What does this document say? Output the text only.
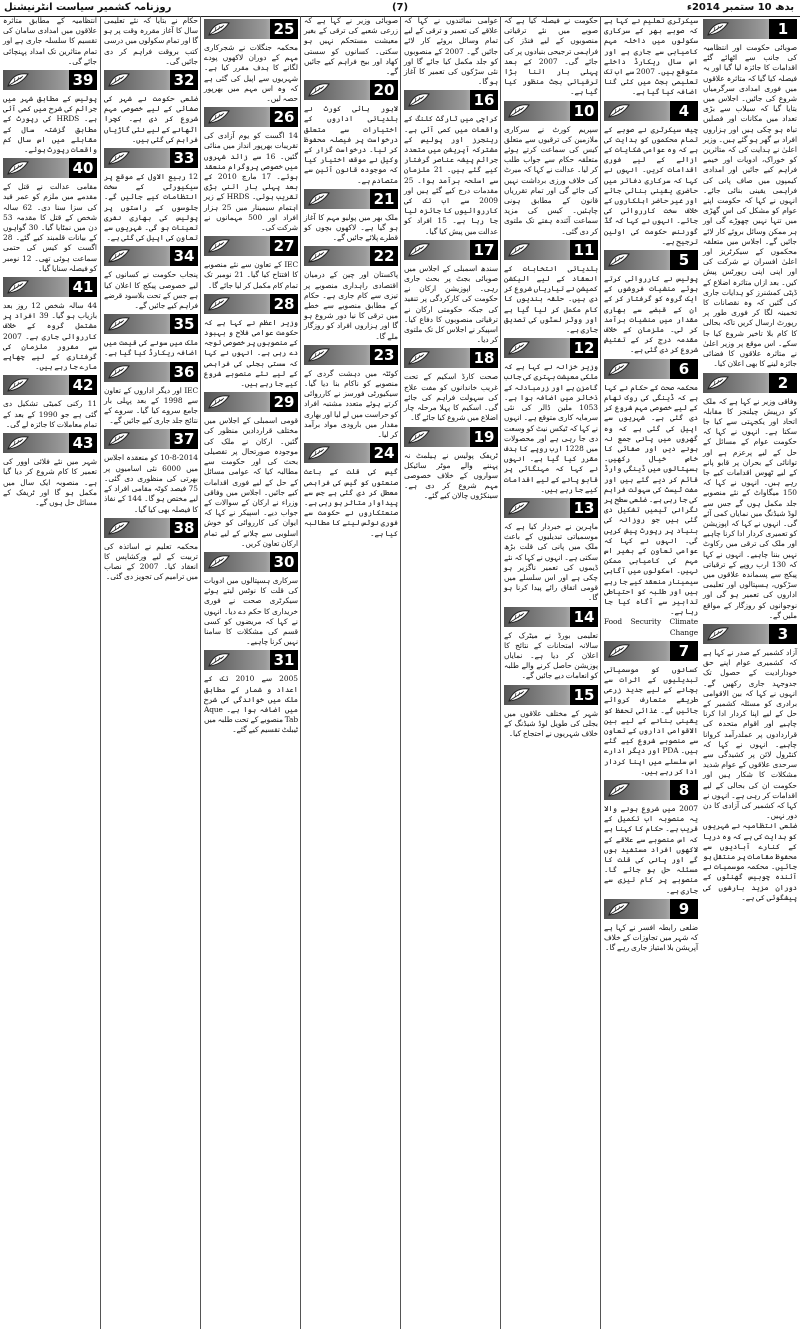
روزنامہ کشمیر سیاست انٹرنیشنل	(7)	بدھ 10 ستمبر 2014ء
1
صوبائی حکومت اور انتظامیہ کی جانب سے اٹھائے گئے اقدامات کا جائزہ لیا گیا اور یہ فیصلہ کیا گیا کہ متاثرہ علاقوں میں فوری امدادی سرگرمیاں شروع کی جائیں۔ اجلاس میں بتایا گیا کہ سیلاب سے بڑی تعداد میں مکانات اور فصلیں تباہ ہو چکی ہیں اور ہزاروں افراد بے گھر ہو گئے ہیں۔ وزیر اعلیٰ نے ہدایت کی کہ متاثرین کو خوراک، ادویات اور خیمے فراہم کیے جائیں اور امدادی کیمپوں میں صاف پانی کی فراہمی یقینی بنائی جائے۔ انہوں نے کہا کہ حکومت اپنے عوام کو مشکل کی اس گھڑی میں تنہا نہیں چھوڑے گی اور ہر ممکن وسائل بروئے کار لائے جائیں گے۔ اجلاس میں متعلقہ محکموں کے سیکرٹریز اور اعلیٰ افسران نے شرکت کی اور اپنی اپنی رپورٹس پیش کیں۔ بعد ازاں متاثرہ اضلاع کے ڈپٹی کمشنرز کو ہدایات جاری کی گئیں کہ وہ نقصانات کا تخمینہ لگا کر فوری طور پر رپورٹ ارسال کریں تاکہ بحالی کا کام بلا تاخیر شروع کیا جا سکے۔ اس موقع پر وزیر اعلیٰ نے متاثرہ علاقوں کا فضائی جائزہ لینے کا بھی اعلان کیا۔
2
وفاقی وزیر نے کہا ہے کہ ملک کو درپیش چیلنجز کا مقابلہ اتحاد اور یکجہتی سے کیا جا سکتا ہے۔ انہوں نے کہا کہ حکومت عوام کے مسائل کے حل کے لیے پرعزم ہے اور توانائی کے بحران پر قابو پانے کے لیے ٹھوس اقدامات کیے جا رہے ہیں۔ انہوں نے کہا کہ 150 میگاواٹ کے نئے منصوبے جلد مکمل ہوں گے جس سے لوڈ شیڈنگ میں نمایاں کمی آئے گی۔ انہوں نے کہا کہ اپوزیشن کو تعمیری کردار ادا کرنا چاہیے اور ملک کی ترقی میں رکاوٹ نہیں بننا چاہیے۔ انہوں نے کہا کہ 130 ارب روپے کے ترقیاتی پیکج سے پسماندہ علاقوں میں سڑکوں، ہسپتالوں اور تعلیمی اداروں کی تعمیر ہو گی اور نوجوانوں کو روزگار کے مواقع ملیں گے۔
3
آزاد کشمیر کے صدر نے کہا ہے کہ کشمیری عوام اپنے حق خودارادیت کے حصول تک جدوجہد جاری رکھیں گے۔ انہوں نے کہا کہ بین الاقوامی برادری کو مسئلہ کشمیر کے حل کے لیے اپنا کردار ادا کرنا چاہیے اور اقوام متحدہ کی قراردادوں پر عملدرآمد کروانا چاہیے۔ انہوں نے کہا کہ کنٹرول لائن پر کشیدگی سے سرحدی علاقوں کے عوام شدید مشکلات کا شکار ہیں اور حکومت ان کی بحالی کے لیے اقدامات کر رہی ہے۔ انہوں نے کہا کہ کشمیر کی آزادی کا دن دور نہیں۔
ضلعی انتظامیہ نے شہریوں کو ہدایت کی ہے کہ وہ دریا کے کنارے آبادیوں سے محفوظ مقامات پر منتقل ہو جائیں۔ محکمہ موسمیات نے آئندہ چوبیس گھنٹوں کے دوران مزید بارشوں کی پیشگوئی کی ہے۔
سیکرٹری تعلیم نے کہا ہے کہ صوبے بھر کے سرکاری سکولوں میں داخلہ مہم کامیابی سے جاری ہے اور اس سال ریکارڈ داخلے متوقع ہیں۔ 2007 سے اب تک تعلیمی بجٹ میں کئی گنا اضافہ کیا گیا ہے۔
4
چیف سیکرٹری نے صوبے کے تمام محکموں کو ہدایت کی ہے کہ وہ عوامی شکایات کے ازالے کے لیے فوری اقدامات کریں۔ انہوں نے کہا کہ سرکاری دفاتر میں حاضری یقینی بنائی جائے اور غیر حاضر اہلکاروں کے خلاف سخت کارروائی کی جائے۔ انہوں نے کہا کہ گڈ گورننس حکومت کی اولین ترجیح ہے۔
5
پولیس نے کارروائی کرتے ہوئے منشیات فروشوں کے ایک گروہ کو گرفتار کر کے ان کے قبضے سے بھاری مقدار میں منشیات برآمد کر لی۔ ملزمان کے خلاف مقدمہ درج کر کے تفتیش شروع کر دی گئی ہے۔
6
محکمہ صحت کے حکام نے کہا ہے کہ ڈینگی کی روک تھام کے لیے خصوصی مہم شروع کر دی گئی ہے۔ شہریوں سے اپیل کی گئی ہے کہ وہ گھروں میں پانی جمع نہ ہونے دیں اور صفائی کا خاص خیال رکھیں۔ ہسپتالوں میں ڈینگی وارڈ قائم کر دیے گئے ہیں اور مفت ٹیسٹ کی سہولت فراہم کی جا رہی ہے۔ ضلعی سطح پر نگرانی ٹیمیں تشکیل دی گئی ہیں جو روزانہ کی بنیاد پر رپورٹ پیش کریں گی۔ انہوں نے کہا کہ عوامی تعاون کے بغیر اس مہم کی کامیابی ممکن نہیں۔ اسکولوں میں آگاہی سیمینار منعقد کیے جا رہے ہیں اور طلبہ کو احتیاطی تدابیر سے آگاہ کیا جا رہا ہے۔
Food Security Climate Change
7
کسانوں کو موسمیاتی تبدیلیوں کے اثرات سے بچانے کے لیے جدید زرعی طریقے متعارف کروائے جائیں گے۔ غذائی تحفظ کو یقینی بنانے کے لیے بین الاقوامی اداروں کے تعاون سے منصوبے شروع کیے گئے ہیں۔ PDA اور دیگر ادارے اس سلسلے میں اپنا کردار ادا کر رہے ہیں۔
8
2007 میں شروع ہونے والا یہ منصوبہ اب تکمیل کے قریب ہے۔ حکام کا کہنا ہے کہ اس منصوبے سے علاقے کے لاکھوں افراد مستفید ہوں گے اور پانی کی قلت کا مسئلہ حل ہو جائے گا۔ منصوبے پر کام تیزی سے جاری ہے۔
9
ضلعی رابطہ افسر نے کہا ہے کہ شہر میں تجاوزات کے خلاف آپریشن بلا امتیاز جاری رہے گا۔
حکومت نے فیصلہ کیا ہے کہ صوبے میں نئے ترقیاتی منصوبوں کے لیے فنڈز کی فراہمی ترجیحی بنیادوں پر کی جائے گی۔ 2007 کے بعد پہلی بار اتنا بڑا ترقیاتی بجٹ منظور کیا گیا ہے۔
10
سپریم کورٹ نے سرکاری ملازمین کی ترقیوں سے متعلق کیس کی سماعت کرتے ہوئے متعلقہ حکام سے جواب طلب کر لیا۔ عدالت نے کہا کہ میرٹ کی خلاف ورزی برداشت نہیں کی جائے گی اور تمام تقرریاں قانون کے مطابق ہونی چاہئیں۔ کیس کی مزید سماعت آئندہ ہفتے تک ملتوی کر دی گئی۔
11
بلدیاتی انتخابات کے انعقاد کے لیے الیکشن کمیشن نے تیاریاں شروع کر دی ہیں۔ حلقہ بندیوں کا کام مکمل کر لیا گیا ہے اور ووٹر لسٹوں کی تصدیق جاری ہے۔
12
وزیر خزانہ نے کہا ہے کہ ملکی معیشت بہتری کی جانب گامزن ہے اور زرمبادلہ کے ذخائر میں اضافہ ہوا ہے۔ 1053 ملین ڈالر کی نئی سرمایہ کاری متوقع ہے۔ انہوں نے کہا کہ ٹیکس نیٹ کو وسعت دی جا رہی ہے اور محصولات میں 1228 ارب روپے کا ہدف مقرر کیا گیا ہے۔ انہوں نے کہا کہ مہنگائی پر قابو پانے کے لیے اقدامات کیے جا رہے ہیں۔
13
ماہرین نے خبردار کیا ہے کہ موسمیاتی تبدیلیوں کے باعث ملک میں پانی کی قلت بڑھ سکتی ہے۔ انہوں نے کہا کہ نئے ڈیموں کی تعمیر ناگزیر ہو چکی ہے اور اس سلسلے میں قومی اتفاق رائے پیدا کرنا ہو گا۔
14
تعلیمی بورڈ نے میٹرک کے سالانہ امتحانات کے نتائج کا اعلان کر دیا ہے۔ نمایاں پوزیشن حاصل کرنے والے طلبہ کو انعامات دیے جائیں گے۔
15
شہر کے مختلف علاقوں میں بجلی کی طویل لوڈ شیڈنگ کے خلاف شہریوں نے احتجاج کیا۔
عوامی نمائندوں نے کہا کہ علاقے کی تعمیر و ترقی کے لیے تمام وسائل بروئے کار لائے جائیں گے۔ 2007 کے منصوبوں کو جلد مکمل کیا جائے گا اور نئی سڑکوں کی تعمیر کا آغاز ہو گا۔
16
کراچی میں ٹارگٹ کلنگ کے واقعات میں کمی آئی ہے۔ رینجرز اور پولیس کے مشترکہ آپریشن میں متعدد جرائم پیشہ عناصر گرفتار کیے گئے ہیں۔ 21 ملزمان سے اسلحہ برآمد ہوا۔ 25 مقدمات درج کیے گئے ہیں اور 2009 سے اب تک کی کارروائیوں کا جائزہ لیا جا رہا ہے۔ 15 افراد کو عدالت میں پیش کیا گیا۔
17
سندھ اسمبلی کے اجلاس میں صوبائی بجٹ پر بحث جاری رہی۔ اپوزیشن ارکان نے حکومت کی کارکردگی پر تنقید کی جبکہ حکومتی ارکان نے ترقیاتی منصوبوں کا دفاع کیا۔ اسپیکر نے اجلاس کل تک ملتوی کر دیا۔
18
صحت کارڈ اسکیم کے تحت غریب خاندانوں کو مفت علاج کی سہولت فراہم کی جائے گی۔ اسکیم کا پہلا مرحلہ چار اضلاع میں شروع کیا جائے گا۔
19
ٹریفک پولیس نے ہیلمٹ نہ پہننے والے موٹر سائیکل سواروں کے خلاف خصوصی مہم شروع کر دی ہے۔ سینکڑوں چالان کیے گئے۔
صوبائی وزیر نے کہا ہے کہ زرعی شعبے کی ترقی کے بغیر معیشت مستحکم نہیں ہو سکتی۔ کسانوں کو سستی کھاد اور بیج فراہم کیے جائیں گے۔
20
لاہور ہائی کورٹ نے بلدیاتی اداروں کے اختیارات سے متعلق درخواست پر فیصلہ محفوظ کر لیا۔ درخواست گزار کے وکیل نے موقف اختیار کیا کہ موجودہ قانون آئین سے متصادم ہے۔
21
ملک بھر میں پولیو مہم کا آغاز ہو گیا ہے۔ لاکھوں بچوں کو قطرے پلائے جائیں گے۔
22
پاکستان اور چین کے درمیان اقتصادی راہداری منصوبے پر تیزی سے کام جاری ہے۔ حکام کے مطابق منصوبے سے خطے میں ترقی کا نیا دور شروع ہو گا اور ہزاروں افراد کو روزگار ملے گا۔
23
کوئٹہ میں دہشت گردی کے منصوبے کو ناکام بنا دیا گیا۔ سیکیورٹی فورسز نے کارروائی کرتے ہوئے متعدد مشتبہ افراد کو حراست میں لے لیا اور بھاری مقدار میں بارودی مواد برآمد کر لیا۔
24
گیس کی قلت کے باعث صنعتوں کو گیس کی فراہمی معطل کر دی گئی ہے جس سے پیداوار متاثر ہو رہی ہے۔ صنعتکاروں نے حکومت سے فوری نوٹس لینے کا مطالبہ کیا ہے۔
25
محکمہ جنگلات نے شجرکاری مہم کے دوران لاکھوں پودے لگانے کا ہدف مقرر کیا ہے۔ شہریوں سے اپیل کی گئی ہے کہ وہ اس مہم میں بھرپور حصہ لیں۔
26
14 اگست کو یوم آزادی کی تقریبات بھرپور انداز میں منائی گئیں۔ 16 سے زائد شہروں میں خصوصی پروگرام منعقد ہوئے۔ 17 مارچ 2010 کے بعد پہلی بار اتنی بڑی تقریب ہوئی۔ HRDS کے زیر اہتمام سیمینار میں 25 ہزار افراد اور 500 مہمانوں نے شرکت کی۔
27
IEC کے تعاون سے نئے منصوبے کا افتتاح کیا گیا۔ 21 نومبر تک تمام کام مکمل کر لیا جائے گا۔
28
وزیر اعظم نے کہا ہے کہ حکومت عوامی فلاح و بہبود کے منصوبوں پر خصوصی توجہ دے رہی ہے۔ انہوں نے کہا کہ سستی بجلی کی فراہمی کے لیے نئے منصوبے شروع کیے جا رہے ہیں۔
29
قومی اسمبلی کے اجلاس میں مختلف قراردادیں منظور کی گئیں۔ ارکان نے ملک کی موجودہ صورتحال پر تفصیلی بحث کی اور حکومت سے مطالبہ کیا کہ عوامی مسائل کے حل کے لیے فوری اقدامات کیے جائیں۔ اجلاس میں وفاقی وزراء نے ارکان کے سوالات کے جواب دیے۔ اسپیکر نے کہا کہ ایوان کی کارروائی کو خوش اسلوبی سے چلانے کے لیے تمام ارکان تعاون کریں۔
30
سرکاری ہسپتالوں میں ادویات کی قلت کا نوٹس لیتے ہوئے سیکرٹری صحت نے فوری خریداری کا حکم دے دیا۔ انہوں نے کہا کہ مریضوں کو کسی قسم کی مشکلات کا سامنا نہیں کرنا چاہیے۔
31
2005 سے 2010 تک کے اعداد و شمار کے مطابق ملک میں خواندگی کی شرح میں اضافہ ہوا ہے۔ Aque Tab منصوبے کے تحت طلبہ میں ٹیبلٹ تقسیم کیے گئے۔
حکام نے بتایا کہ نئے تعلیمی سال کا آغاز مقررہ وقت پر ہو گا اور تمام سکولوں میں درسی کتب بروقت فراہم کر دی جائیں گی۔
32
ضلعی حکومت نے شہر کی صفائی کے لیے خصوصی مہم شروع کر دی ہے۔ کچرا اٹھانے کے لیے نئی گاڑیاں فراہم کی گئی ہیں۔
33
12 ربیع الاول کے موقع پر سیکیورٹی کے سخت انتظامات کیے جائیں گے۔ جلوسوں کے راستوں پر پولیس کی بھاری نفری تعینات ہو گی۔ شہریوں سے تعاون کی اپیل کی گئی ہے۔
34
پنجاب حکومت نے کسانوں کے لیے خصوصی پیکج کا اعلان کیا ہے جس کے تحت بلاسود قرضے فراہم کیے جائیں گے۔
35
ملک میں سونے کی قیمت میں اضافہ ریکارڈ کیا گیا ہے۔
36
IEC اور دیگر اداروں کے تعاون سے 1998 کے بعد پہلی بار جامع سروے کیا گیا۔ سروے کے نتائج جلد جاری کیے جائیں گے۔
37
10-8-2014 کو منعقدہ اجلاس میں 6000 نئی اسامیوں پر بھرتی کی منظوری دی گئی۔ 75 فیصد کوٹہ مقامی افراد کے لیے مختص ہو گا۔ 144 کے نفاذ کا فیصلہ بھی کیا گیا۔
38
محکمہ تعلیم نے اساتذہ کی تربیت کے لیے ورکشاپس کا انعقاد کیا۔ 2007 کے نصاب میں ترامیم کی تجویز دی گئی۔
انتظامیہ کے مطابق متاثرہ علاقوں میں امدادی سامان کی تقسیم کا سلسلہ جاری ہے اور تمام متاثرین تک امداد پہنچائی جائے گی۔
39
پولیس کے مطابق شہر میں جرائم کی شرح میں کمی آئی ہے۔ HRDS کی رپورٹ کے مطابق گزشتہ سال کے مقابلے میں اس سال کم واقعات رپورٹ ہوئے۔
40
مقامی عدالت نے قتل کے مقدمے میں ملزم کو عمر قید کی سزا سنا دی۔ 62 سالہ شخص کے قتل کا مقدمہ 53 دن میں نمٹایا گیا۔ 30 گواہوں کے بیانات قلمبند کیے گئے۔ 28 اگست کو کیس کی حتمی سماعت ہوئی تھی۔ 12 نومبر کو فیصلہ سنایا گیا۔
41
44 سالہ شخص 12 روز بعد بازیاب ہو گیا۔ 39 افراد پر مشتمل گروہ کے خلاف کارروائی جاری ہے۔ 2007 سے مفرور ملزمان کی گرفتاری کے لیے چھاپے مارے جا رہے ہیں۔
42
11 رکنی کمیٹی تشکیل دی گئی ہے جو 1990 کے بعد کے تمام معاملات کا جائزہ لے گی۔
43
شہر میں نئے فلائی اوور کی تعمیر کا کام شروع کر دیا گیا ہے۔ منصوبہ ایک سال میں مکمل ہو گا اور ٹریفک کے مسائل حل ہوں گے۔
